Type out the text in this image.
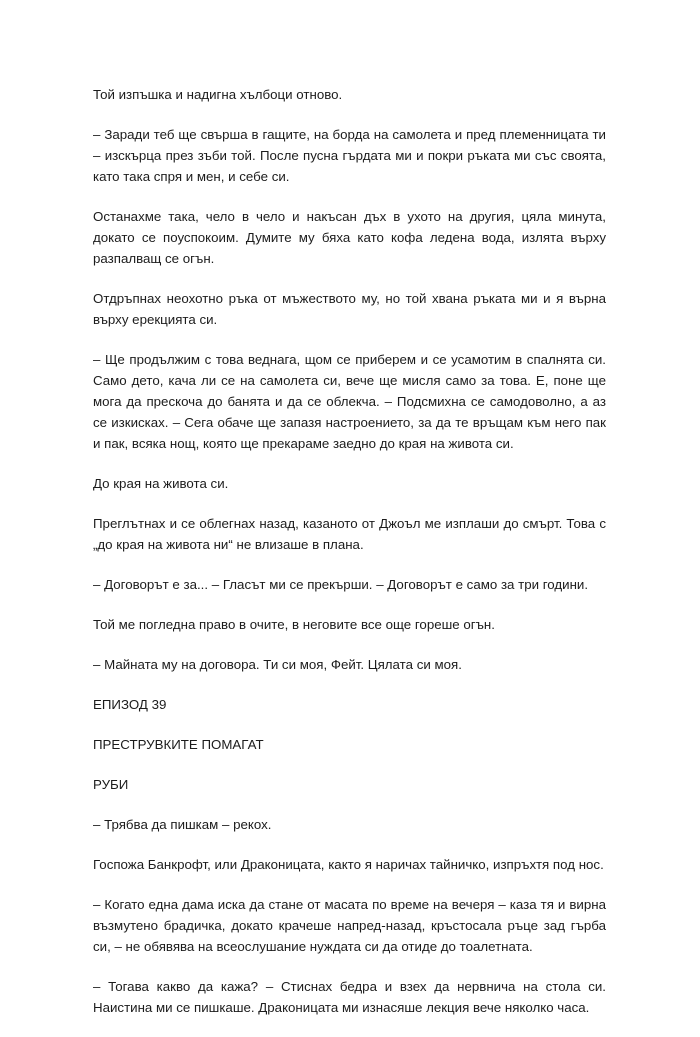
Той изпъшка и надигна хълбоци отново.

– Заради теб ще свърша в гащите, на борда на самолета и пред племенницата ти – изскърца през зъби той. После пусна гърдата ми и покри ръката ми със своята, като така спря и мен, и себе си.

Останахме така, чело в чело и накъсан дъх в ухото на другия, цяла минута, докато се поуспокоим. Думите му бяха като кофа ледена вода, излята върху разпалващ се огън.

Отдръпнах неохотно ръка от мъжеството му, но той хвана ръката ми и я върна върху ерекцията си.

– Ще продължим с това веднага, щом се приберем и се усамотим в спалнята си. Само дето, кача ли се на самолета си, вече ще мисля само за това. Е, поне ще мога да прескоча до банята и да се облекча. – Подсмихна се самодоволно, а аз се изкисках. – Сега обаче ще запазя настроението, за да те връщам към него пак и пак, всяка нощ, която ще прекараме заедно до края на живота си.

До края на живота си.

Преглътнах и се облегнах назад, казаното от Джоъл ме изплаши до смърт. Това с „до края на живота ни“ не влизаше в плана.

– Договорът е за... – Гласът ми се прекърши. – Договорът е само за три години.

Той ме погледна право в очите, в неговите все още гореше огън.

– Майната му на договора. Ти си моя, Фейт. Цялата си моя.

ЕПИЗОД 39

ПРЕСТРУВКИТЕ ПОМАГАТ

РУБИ

– Трябва да пишкам – рекох.

Госпожа Банкрофт, или Драконицата, както я наричах тайничко, изпръхтя под нос.

– Когато една дама иска да стане от масата по време на вечеря – каза тя и вирна възмутено брадичка, докато крачеше напред-назад, кръстосала ръце зад гърба си, – не обявява на всеослушание нуждата си да отиде до тоалетната.

– Тогава какво да кажа? – Стиснах бедра и взех да нервнича на стола си. Наистина ми се пишкаше. Драконицата ми изнасяше лекция вече няколко часа.
